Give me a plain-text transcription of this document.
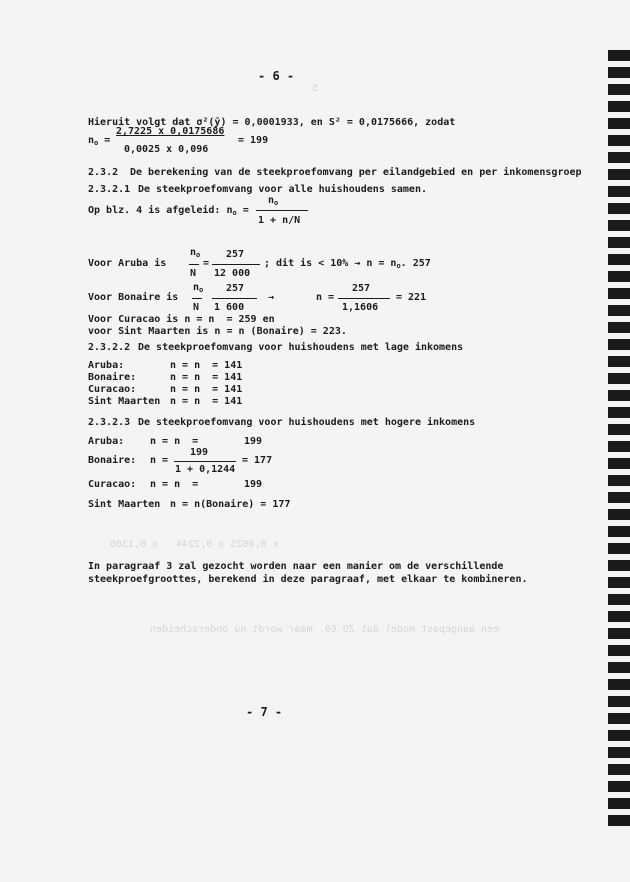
- 5 -
een aangepast model dat ZO 69, maar wordt nu onderscheiden
x 0,0025 x 0,2244   x 0,1306
- 6 -
Hieruit volgt dat σ²(ȳ) = 0,0001933, en S² = 0,0175666, zodat
$n_o$ =
2,7225 x 0,0175686
0,0025 x 0,096
= 199
2.3.2 De berekening van de steekproefomvang per eilandgebied en per inkomensgroep
2.3.2.1 De steekproefomvang voor alle huishoudens samen.
Op blz. 4 is afgeleid: $n_o$ =
$n_o$
1 + n/N
Voor Aruba is
$n_o$
N
=
257
12 000
; dit is < $10\% \to n = n_o$. 257
Voor Bonaire is
$n_o$
N
257
1 600
→	n =
257
1,1606
= 221
Voor Curacao is n = n  = 259 en
voor Sint Maarten is n = n (Bonaire) = 223.
2.3.2.2 De steekproefomvang voor huishoudens met lage inkomens
Aruba:	n = n  = 141
Bonaire:	n = n  = 141
Curacao:	n = n  = 141
Sint Maarten n = n  = 141
2.3.2.3 De steekproefomvang voor huishoudens met hogere inkomens
Aruba:	n = n  =	199
Bonaire: n =
199
1 + 0,1244
= 177
Curacao: n = n  =	199
Sint Maarten n = n(Bonaire) = 177
In paragraaf 3 zal gezocht worden naar een manier om de verschillende
steekproefgroottes, berekend in deze paragraaf, met elkaar te kombineren.
- 7 -
